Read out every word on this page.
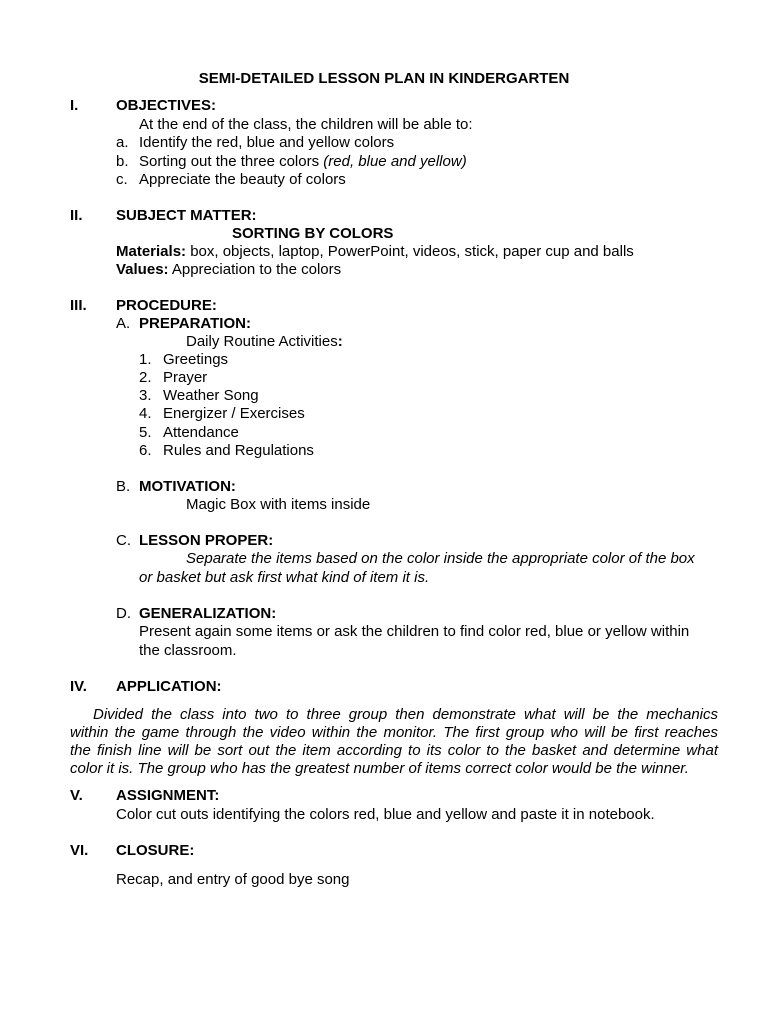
SEMI-DETAILED LESSON PLAN IN KINDERGARTEN
I.	OBJECTIVES:
At the end of the class, the children will be able to:
a. Identify the red, blue and yellow colors
b. Sorting out the three colors (red, blue and yellow)
c. Appreciate the beauty of colors
II. SUBJECT MATTER:
SORTING BY COLORS
Materials: box, objects, laptop, PowerPoint, videos, stick, paper cup and balls
Values: Appreciation to the colors
III. PROCEDURE:
A. PREPARATION:
Daily Routine Activities:
1. Greetings
2. Prayer
3. Weather Song
4. Energizer / Exercises
5. Attendance
6. Rules and Regulations
B. MOTIVATION:
Magic Box with items inside
C. LESSON PROPER:
Separate the items based on the color inside the appropriate color of the box
or basket but ask first what kind of item it is.
D. GENERALIZATION:
Present again some items or ask the children to find color red, blue or yellow within
the classroom.
IV. APPLICATION:
Divided the class into two to three group then demonstrate what will be the mechanics
within the game through the video within the monitor. The first group who will be first reaches
the finish line will be sort out the item according to its color to the basket and determine what
color it is. The group who has the greatest number of items correct color would be the winner.
V. ASSIGNMENT:
Color cut outs identifying the colors red, blue and yellow and paste it in notebook.
VI. CLOSURE:
Recap, and entry of good bye song
